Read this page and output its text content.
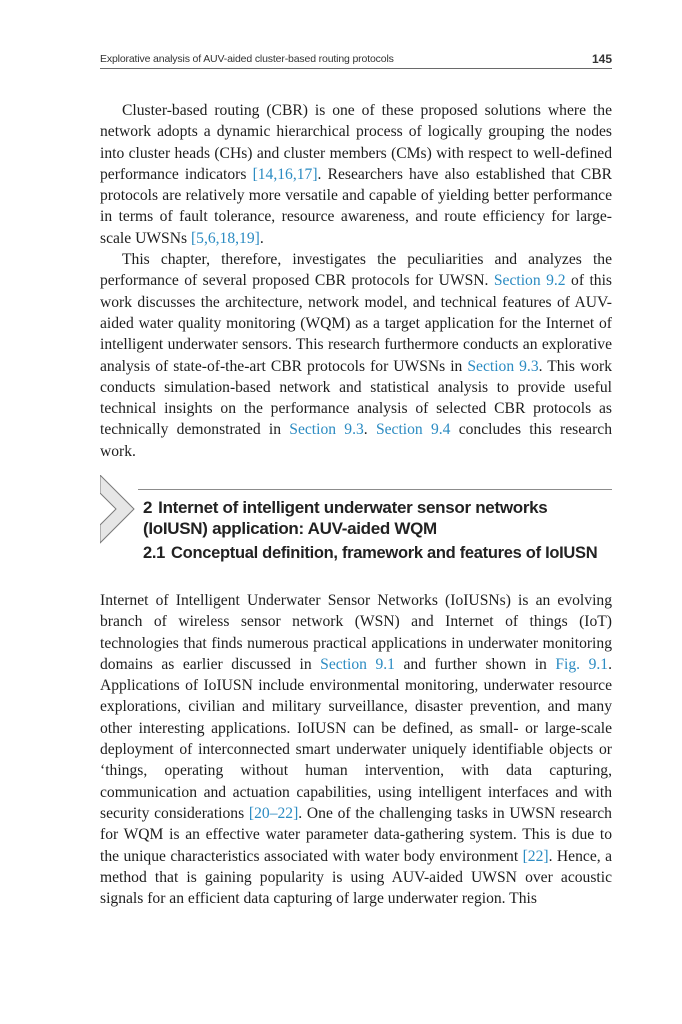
Explorative analysis of AUV-aided cluster-based routing protocols	145

Cluster-based routing (CBR) is one of these proposed solutions where the network adopts a dynamic hierarchical process of logically grouping the nodes into cluster heads (CHs) and cluster members (CMs) with respect to well-defined performance indicators [14,16,17]. Researchers have also established that CBR protocols are relatively more versatile and capable of yielding better performance in terms of fault tolerance, resource awareness, and route efficiency for large-scale UWSNs [5,6,18,19].

This chapter, therefore, investigates the peculiarities and analyzes the performance of several proposed CBR protocols for UWSN. Section 9.2 of this work discusses the architecture, network model, and technical features of AUV-aided water quality monitoring (WQM) as a target application for the Internet of intelligent underwater sensors. This research furthermore conducts an explorative analysis of state-of-the-art CBR protocols for UWSNs in Section 9.3. This work conducts simulation-based network and statistical analysis to provide useful technical insights on the performance analysis of selected CBR protocols as technically demonstrated in Section 9.3. Section 9.4 concludes this research work.

2 Internet of intelligent underwater sensor networks (IoIUSN) application: AUV-aided WQM
2.1 Conceptual definition, framework and features of IoIUSN

Internet of Intelligent Underwater Sensor Networks (IoIUSNs) is an evolving branch of wireless sensor network (WSN) and Internet of things (IoT) technologies that finds numerous practical applications in underwater monitoring domains as earlier discussed in Section 9.1 and further shown in Fig. 9.1. Applications of IoIUSN include environmental monitoring, underwater resource explorations, civilian and military surveillance, disaster prevention, and many other interesting applications. IoIUSN can be defined, as small- or large-scale deployment of interconnected smart underwater uniquely identifiable objects or ‘things, operating without human intervention, with data capturing, communication and actuation capabilities, using intelligent interfaces and with security considerations [20–22]. One of the challenging tasks in UWSN research for WQM is an effective water parameter data-gathering system. This is due to the unique characteristics associated with water body environment [22]. Hence, a method that is gaining popularity is using AUV-aided UWSN over acoustic signals for an efficient data capturing of large underwater region. This
